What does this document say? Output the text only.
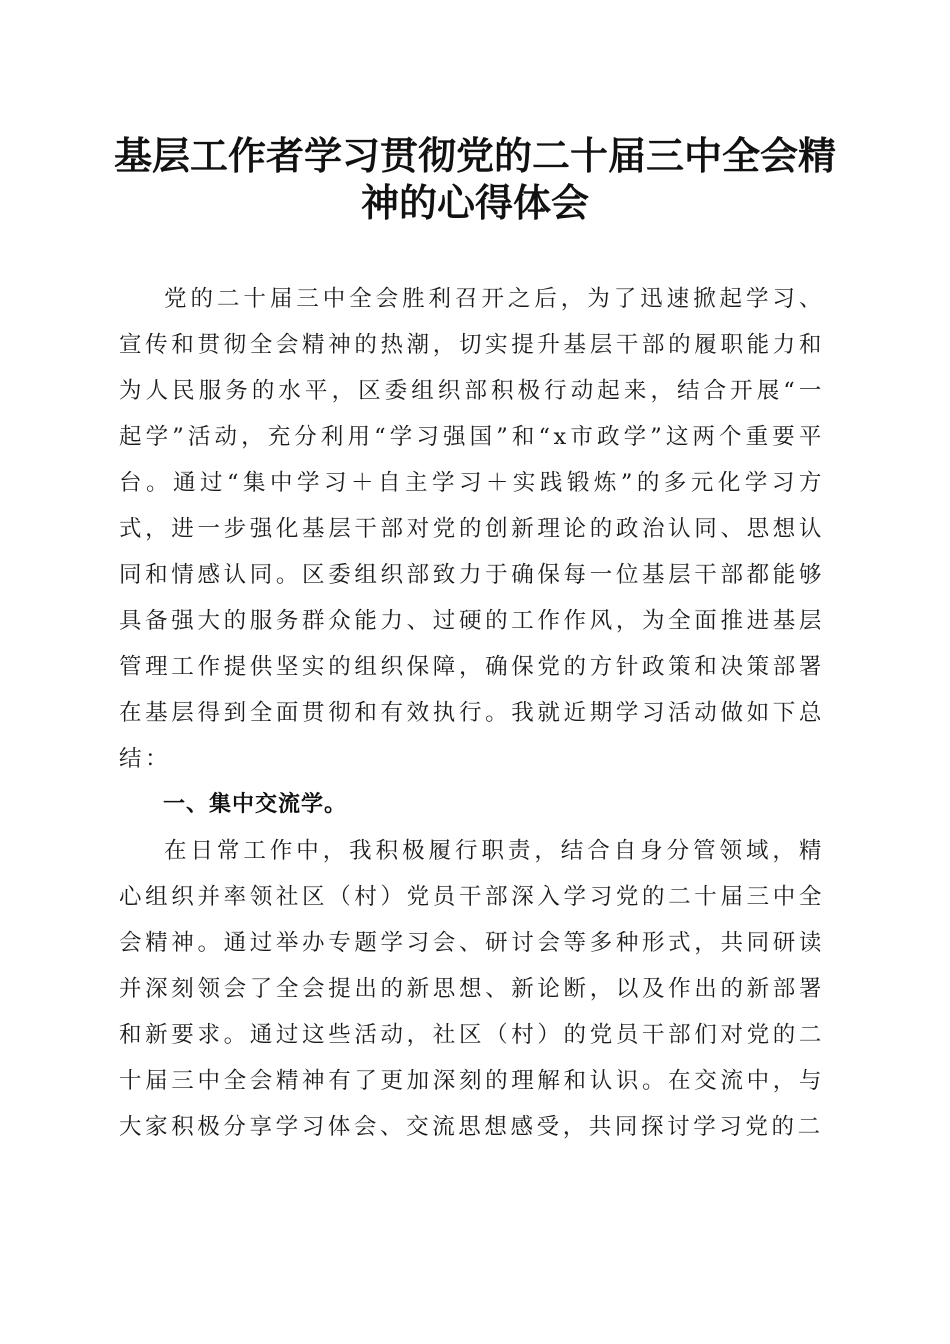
基层工作者学习贯彻党的二十届三中全会精神的心得体会

党的二十届三中全会胜利召开之后，为了迅速掀起学习、宣传和贯彻全会精神的热潮，切实提升基层干部的履职能力和为人民服务的水平，区委组织部积极行动起来，结合开展“一起学”活动，充分利用“学习强国”和“x市政学”这两个重要平台。通过“集中学习＋自主学习＋实践锻炼”的多元化学习方式，进一步强化基层干部对党的创新理论的政治认同、思想认同和情感认同。区委组织部致力于确保每一位基层干部都能够具备强大的服务群众能力、过硬的工作作风，为全面推进基层管理工作提供坚实的组织保障，确保党的方针政策和决策部署在基层得到全面贯彻和有效执行。我就近期学习活动做如下总结：

一、集中交流学。

在日常工作中，我积极履行职责，结合自身分管领域，精心组织并率领社区（村）党员干部深入学习党的二十届三中全会精神。通过举办专题学习会、研讨会等多种形式，共同研读并深刻领会了全会提出的新思想、新论断，以及作出的新部署和新要求。通过这些活动，社区（村）的党员干部们对党的二十届三中全会精神有了更加深刻的理解和认识。在交流中，与大家积极分享学习体会、交流思想感受，共同探讨学习党的二
